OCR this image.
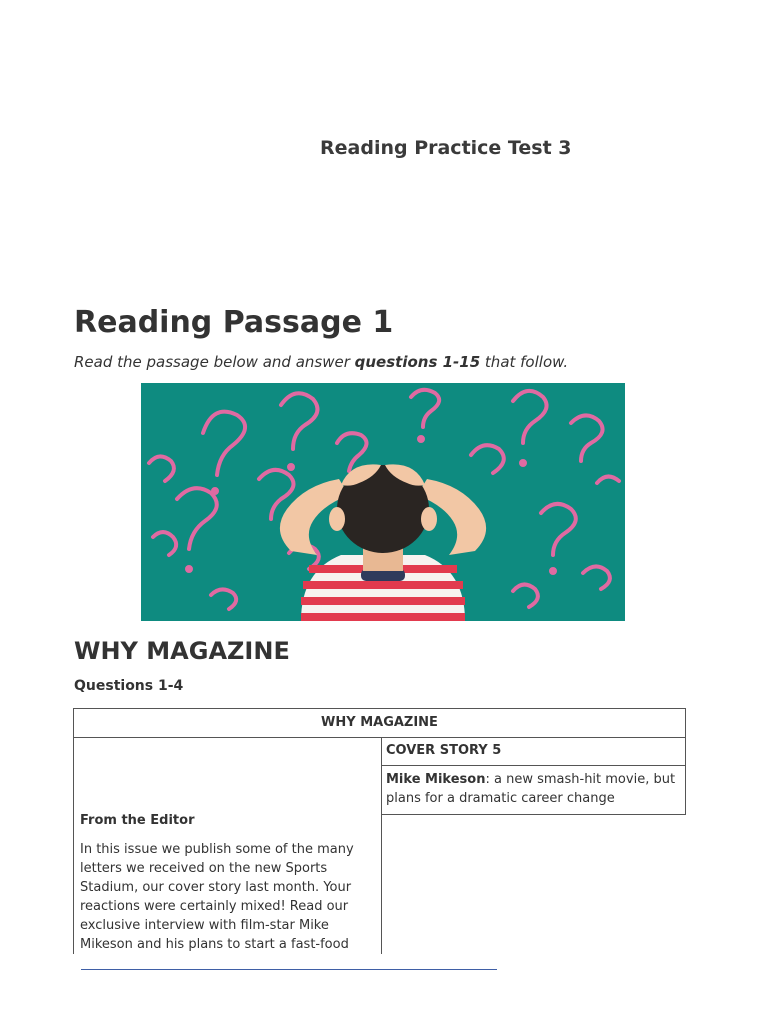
Reading Practice Test 3
Reading Passage 1
Read the passage below and answer questions 1-15 that follow.
WHY MAGAZINE
Questions 1-4
WHY MAGAZINE
From the Editor

In this issue we publish some of the many letters we received on the new Sports Stadium, our cover story last month. Your reactions were certainly mixed! Read our exclusive interview with film-star Mike Mikeson and his plans to start a fast-food

COVER STORY 5

Mike Mikeson: a new smash-hit movie, but plans for a dramatic career change
